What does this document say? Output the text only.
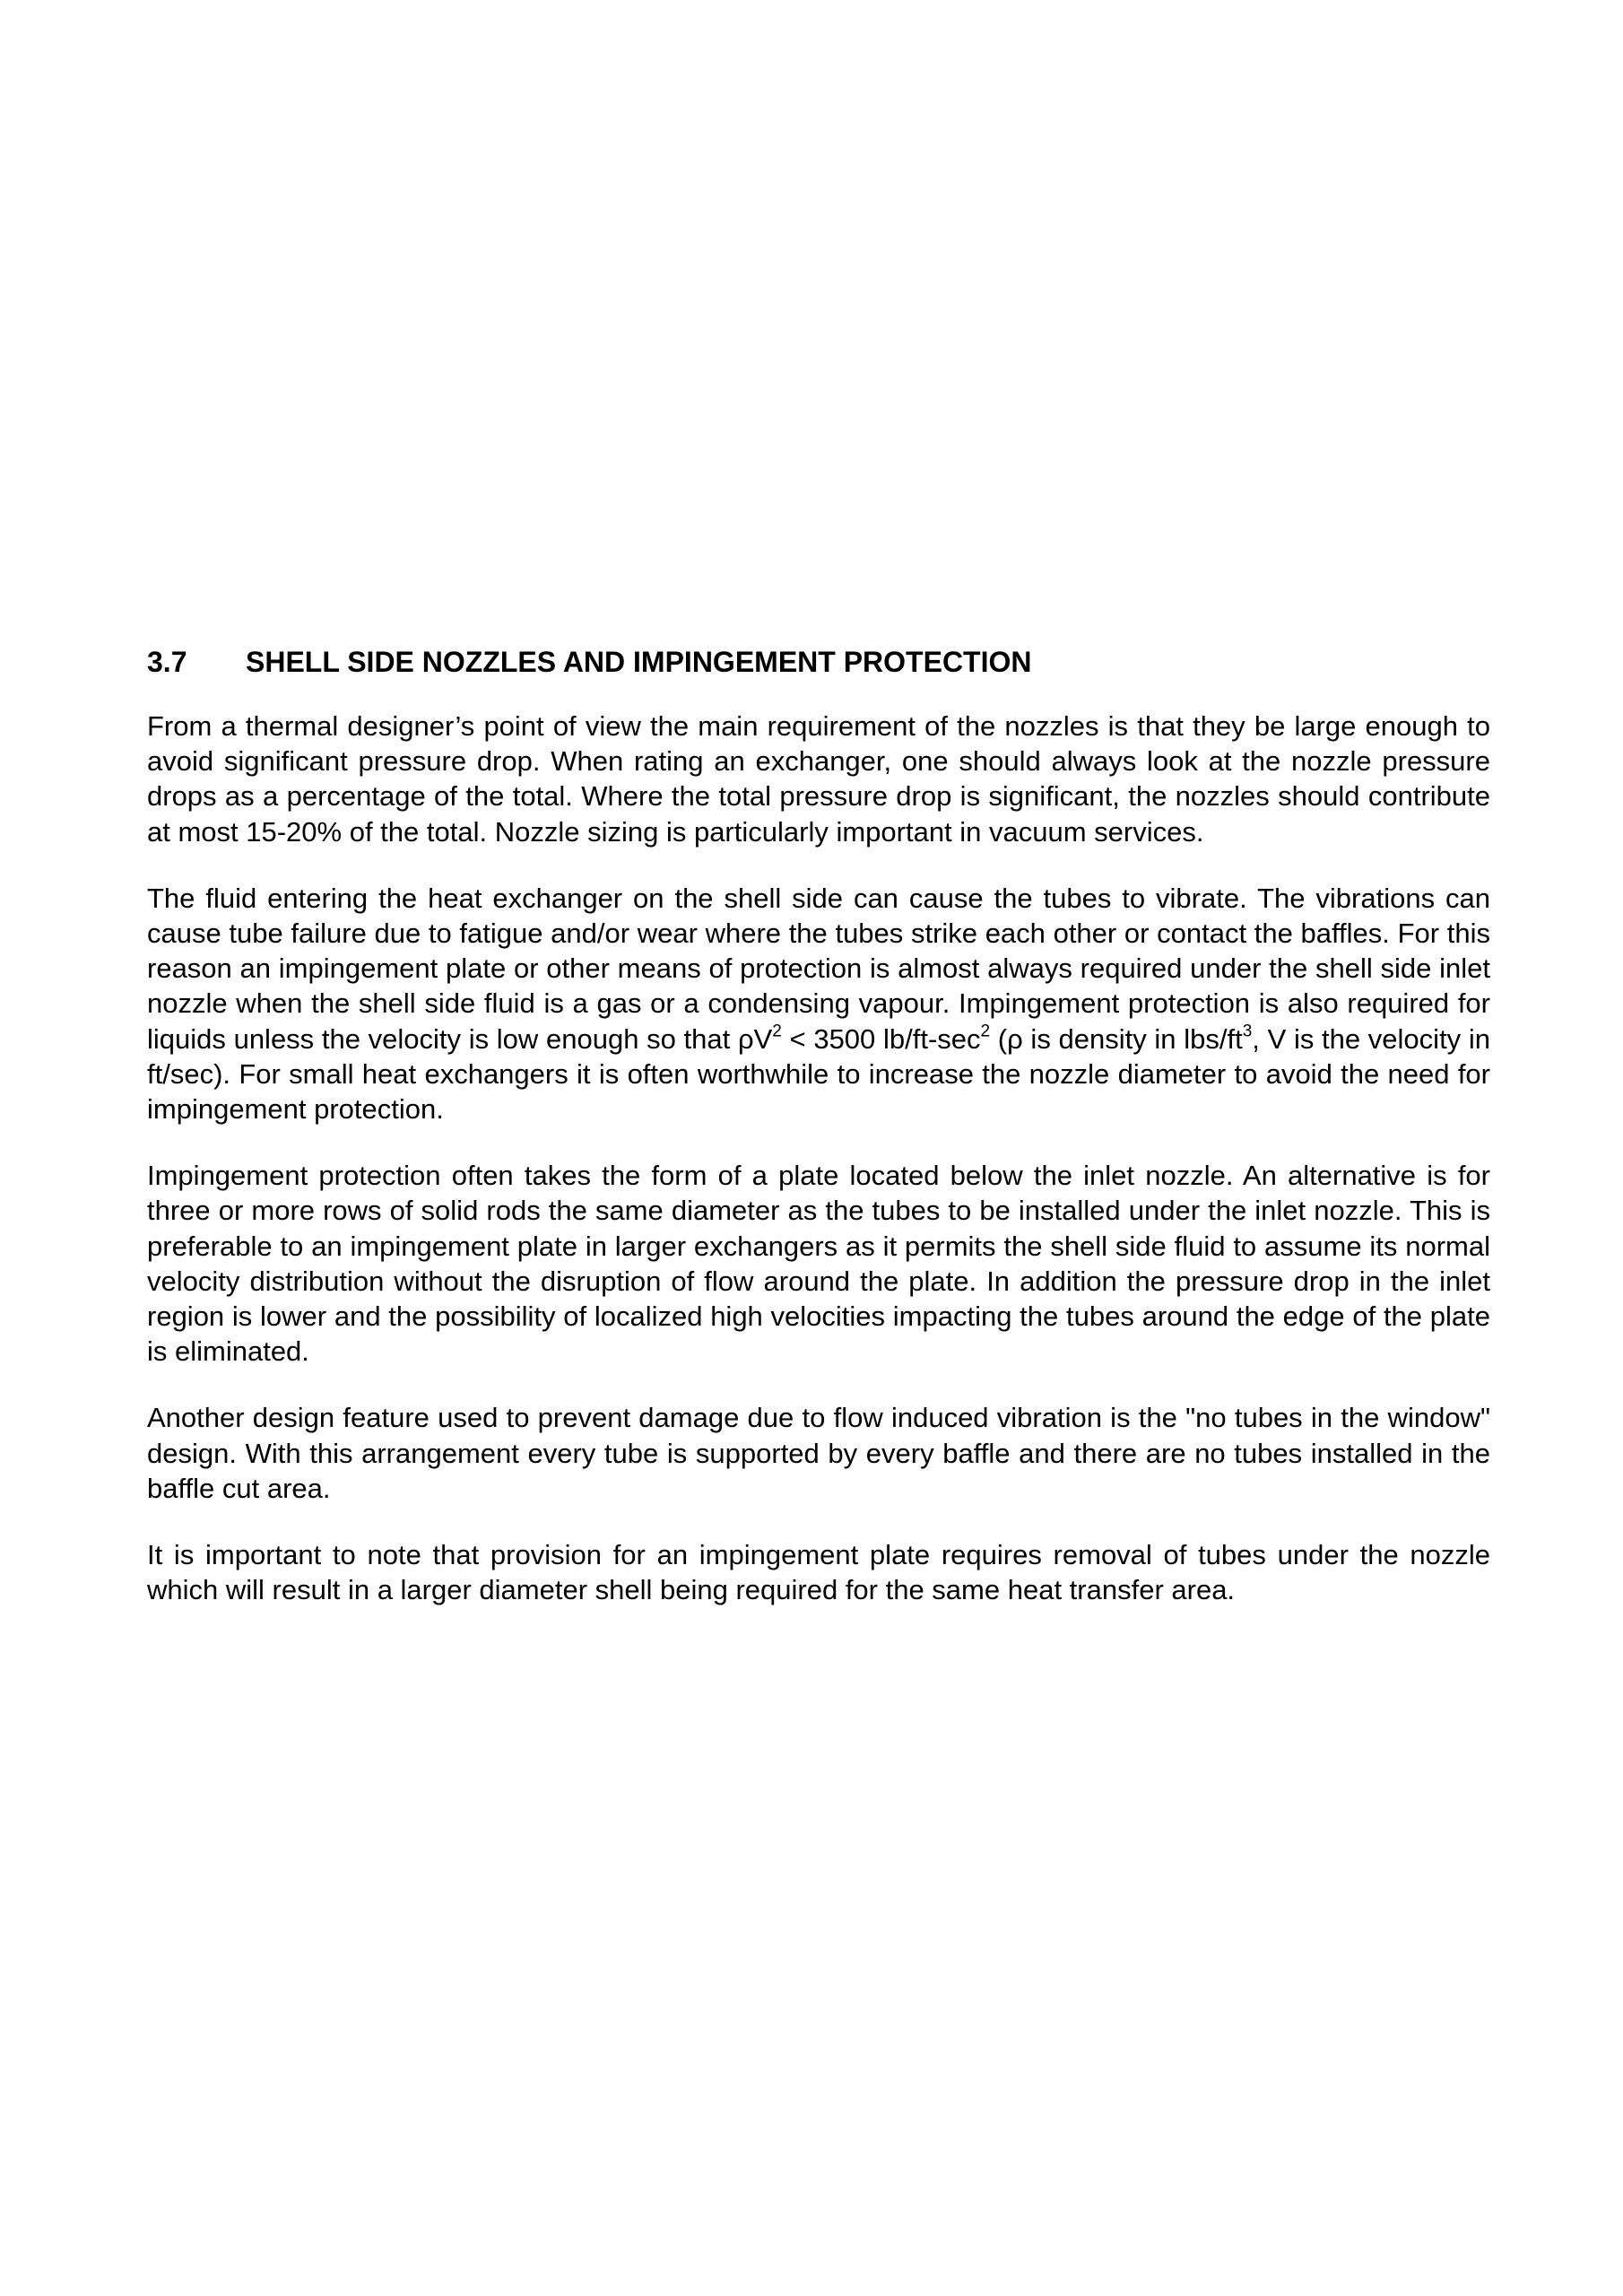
3.7	SHELL SIDE NOZZLES AND IMPINGEMENT PROTECTION

From a thermal designer’s point of view the main requirement of the nozzles is that they be large enough to avoid significant pressure drop. When rating an exchanger, one should always look at the nozzle pressure drops as a percentage of the total. Where the total pressure drop is significant, the nozzles should contribute at most 15-20% of the total. Nozzle sizing is particularly important in vacuum services.

The fluid entering the heat exchanger on the shell side can cause the tubes to vibrate. The vibrations can cause tube failure due to fatigue and/or wear where the tubes strike each other or contact the baffles. For this reason an impingement plate or other means of protection is almost always required under the shell side inlet nozzle when the shell side fluid is a gas or a condensing vapour. Impingement protection is also required for liquids unless the velocity is low enough so that $\rho V^2 < 3500$ $lb/ft-\sec^2$ (ρ is density in lbs/$ft^3$, V is the velocity in ft/sec). For small heat exchangers it is often worthwhile to increase the nozzle diameter to avoid the need for impingement protection.

Impingement protection often takes the form of a plate located below the inlet nozzle. An alternative is for three or more rows of solid rods the same diameter as the tubes to be installed under the inlet nozzle. This is preferable to an impingement plate in larger exchangers as it permits the shell side fluid to assume its normal velocity distribution without the disruption of flow around the plate. In addition the pressure drop in the inlet region is lower and the possibility of localized high velocities impacting the tubes around the edge of the plate is eliminated.

Another design feature used to prevent damage due to flow induced vibration is the "no tubes in the window" design. With this arrangement every tube is supported by every baffle and there are no tubes installed in the baffle cut area.

It is important to note that provision for an impingement plate requires removal of tubes under the nozzle which will result in a larger diameter shell being required for the same heat transfer area.
